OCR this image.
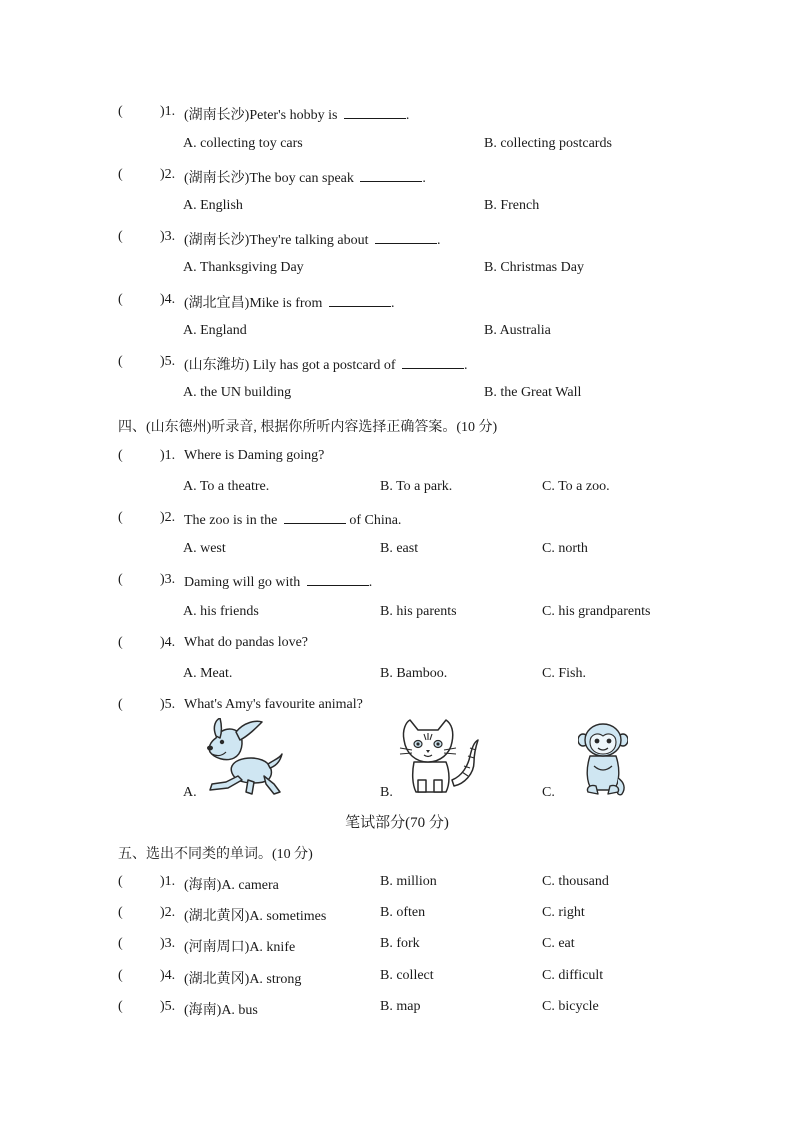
(	)1. (湖南长沙)Peter's hobby is	.
A. collecting toy cars	B. collecting postcards
(	)2. (湖南长沙)The boy can speak	.
A. English	B. French
(	)3. (湖南长沙)They're talking about	.
A. Thanksgiving Day	B. Christmas Day
(	)4. (湖北宜昌)Mike is from	.
A. England	B. Australia
(	)5. (山东潍坊) Lily has got a postcard of	.
A. the UN building	B. the Great Wall
四、(山东德州)听录音, 根据你所听内容选择正确答案。(10 分)
(	)1. Where is Daming going?
A. To a theatre.	B. To a park.	C. To a zoo.
(	)2. The zoo is in the	of China.
A. west	B. east	C. north
(	)3. Daming will go with	.
A. his friends	B. his parents	C. his grandparents
(	)4. What do pandas love?
A. Meat.	B. Bamboo.	C. Fish.
(	)5. What's Amy's favourite animal?
A.	B.	C.
笔试部分(70 分)
五、选出不同类的单词。(10 分)
(	)1. (海南)A. camera	B. million	C. thousand
(	)2. (湖北黄冈)A. sometimes	B. often	C. right
(	)3. (河南周口)A. knife	B. fork	C. eat
(	)4. (湖北黄冈)A. strong	B. collect	C. difficult
(	)5. (海南)A. bus	B. map	C. bicycle
